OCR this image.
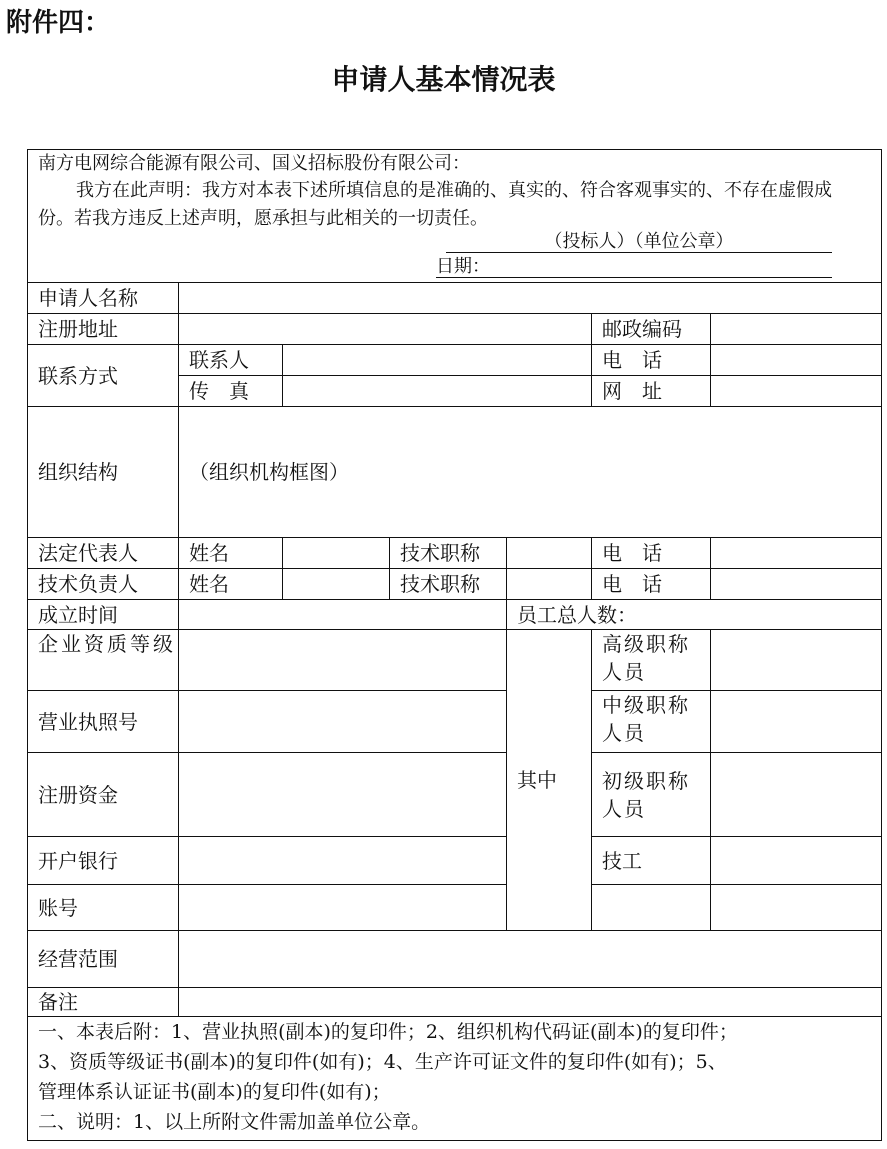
附件四：
申请人基本情况表
南方电网综合能源有限公司、国义招标股份有限公司：
我方在此声明：我方对本表下述所填信息的是准确的、真实的、符合客观事实的、不存在虚假成份。若我方违反上述声明，愿承担与此相关的一切责任。
（投标人）（单位公章）
日期：						

申请人名称						
注册地址					邮政编码	
联系方式	联系人				电　话	
	传　真				网　址	
组织结构	（组织机构框图）					
法定代表人	姓名		技术职称		电　话	
技术负责人	姓名		技术职称		电　话	
成立时间				员工总人数：		
企业资质等级				其中	高级职称人员	
营业执照号					中级职称人员	
注册资金					初级职称人员	
开户银行					技工	
账号						
经营范围						
备注						

一、本表后附：1、营业执照(副本)的复印件；2、组织机构代码证(副本)的复印件；
3、资质等级证书(副本)的复印件(如有)；4、生产许可证文件的复印件(如有)；5、
管理体系认证证书(副本)的复印件(如有)；
二、说明：1、以上所附文件需加盖单位公章。						
